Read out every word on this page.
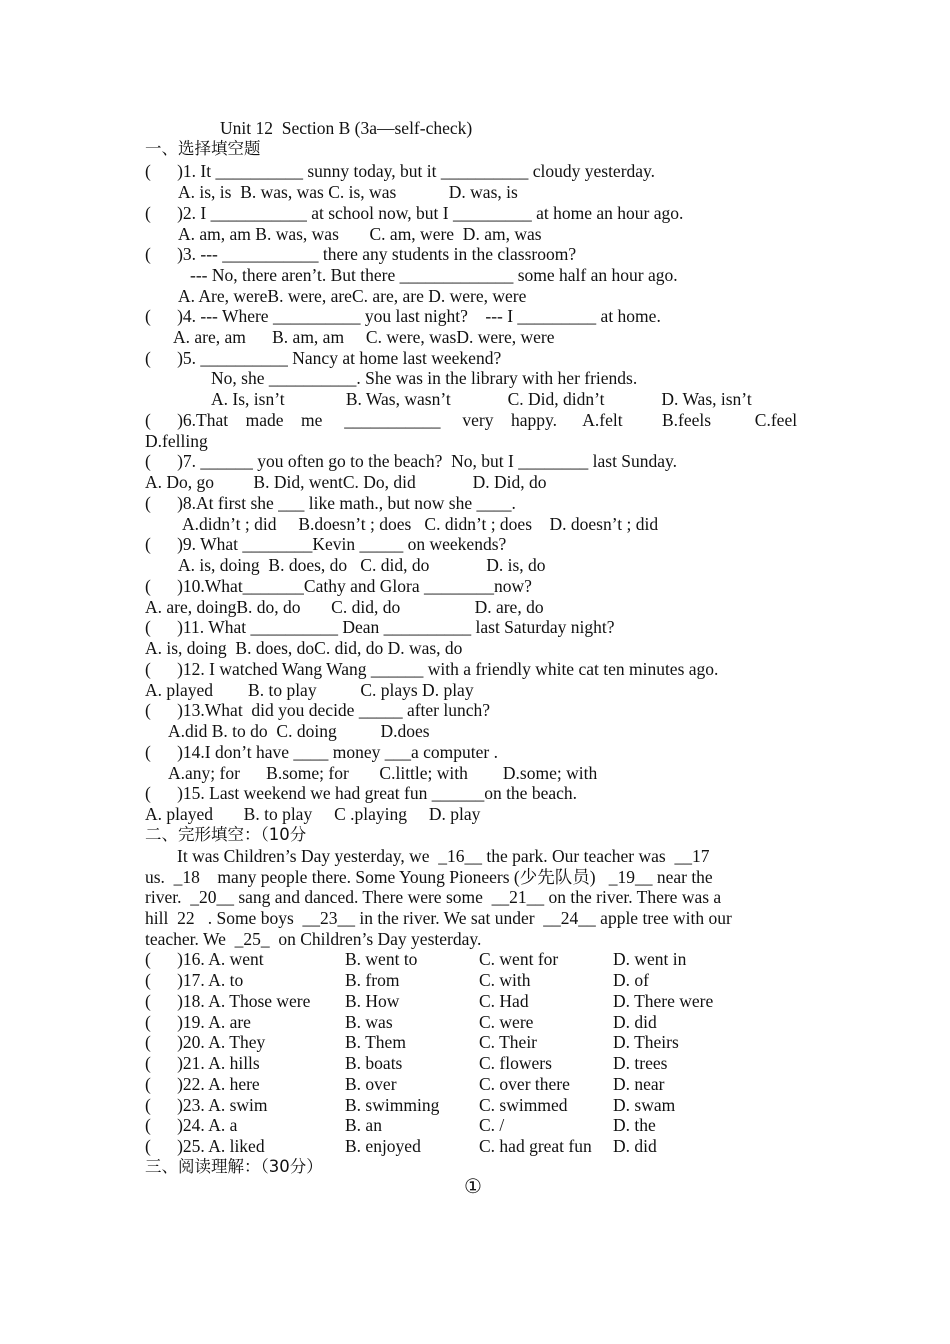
Unit 12  Section B (3a—self-check)
一、选择填空题
(      )1. It __________ sunny today, but it __________ cloudy yesterday.
A. is, is  B. was, was C. is, was            D. was, is
(      )2. I ___________ at school now, but I _________ at home an hour ago.
A. am, am B. was, was       C. am, were  D. am, was
(      )3. --- ___________ there any students in the classroom?
--- No, there aren’t. But there _____________ some half an hour ago.
A. Are, wereB. were, areC. are, are D. were, were
(      )4. --- Where __________ you last night?    --- I _________ at home.
A. are, am      B. am, am     C. were, wasD. were, were
(      )5. __________ Nancy at home last weekend?
No, she __________. She was in the library with her friends.
A. Is, isn’t              B. Was, wasn’t             C. Did, didn’t             D. Was, isn’t
(      )6.That    made    me     ___________     very    happy.      A.felt         B.feels          C.feel
D.felling
(      )7. ______ you often go to the beach?  No, but I ________ last Sunday.
A. Do, go         B. Did, wentC. Do, did             D. Did, do
(      )8.At first she ___ like math., but now she ____.
A.didn’t ; did     B.doesn’t ; does   C. didn’t ; does    D. doesn’t ; did
(      )9. What ________Kevin _____ on weekends?
A. is, doing  B. does, do   C. did, do             D. is, do
(      )10.What_______Cathy and Glora ________now?
A. are, doingB. do, do       C. did, do                 D. are, do
(      )11. What __________ Dean __________ last Saturday night?
A. is, doing  B. does, doC. did, do D. was, do
(      )12. I watched Wang Wang ______ with a friendly white cat ten minutes ago.
A. played        B. to play          C. plays D. play
(      )13.What  did you decide _____ after lunch?
A.did B. to do  C. doing          D.does
(      )14.I don’t have ____ money ___a computer .
A.any; for      B.some; for       C.little; with        D.some; with
(      )15. Last weekend we had great fun ______on the beach.
A. played       B. to play     C .playing     D. play
二、完形填空：（10分
It was Children’s Day yesterday, we  _16__ the park. Our teacher was  __17
us.  _18    many people there. Some Young Pioneers (少先队员)   _19__ near the
river.  _20__ sang and danced. There were some  __21__ on the river. There was a
hill  22   . Some boys  __23__ in the river. We sat under  __24__ apple tree with our
teacher. We  _25_  on Children’s Day yesterday.
(      )16. A. went	B. went to	C. went for	D. went in
(      )17. A. to	B. from	C. with	D. of
(      )18. A. Those were B. How	C. Had	D. There were
(      )19. A. are	B. was	C. were	D. did
(      )20. A. They	B. Them	C. Their	D. Theirs
(      )21. A. hills	B. boats	C. flowers	D. trees
(      )22. A. here	B. over	C. over there D. near
(      )23. A. swim	B. swimming C. swimmed	D. swam
(      )24. A. a	B. an	C. /	D. the
(      )25. A. liked	B. enjoyed	C. had great fun D. did
三、阅读理解：（30分）
①
